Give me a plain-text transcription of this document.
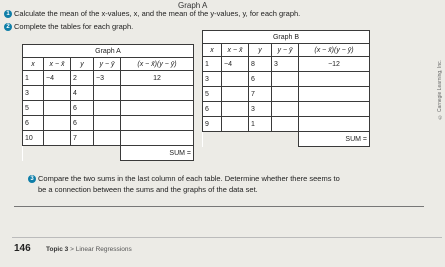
Graph A
1 Calculate the mean of the x-values, x, and the mean of the y-values, y, for each graph.
2 Complete the tables for each graph.
Graph A				
x	x − x̄	y	y − ȳ	(x − x̄)(y − ȳ)
1	−4	2	−3	12
3		4		
5		6		
6		6		
10		7		
				SUM =
Graph B				
x	x − x̄	y	y − ȳ	(x − x̄)(y − ȳ)
1	−4	8	3	−12
3		6		
5		7		
6		3		
9		1		
				SUM =
© Carnegie Learning, Inc.
3 Compare the two sums in the last column of each table. Determine whether there seems to
be a connection between the sums and the graphs of the data set.
146 Topic 3 > Linear Regressions
